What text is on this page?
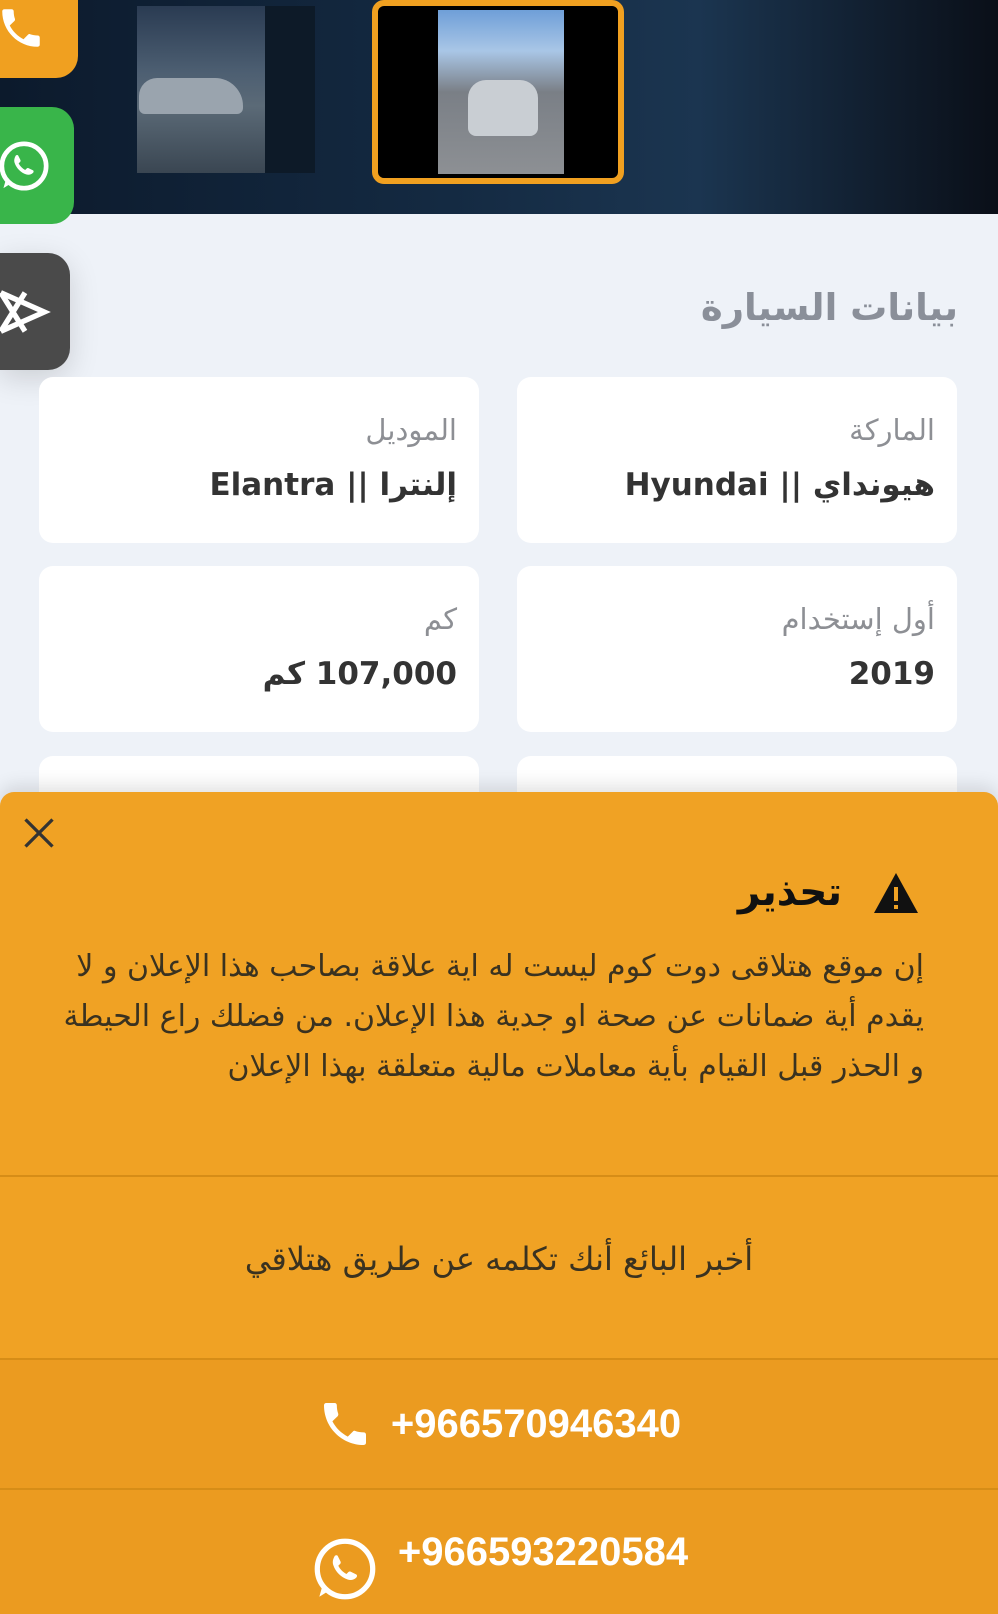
بيانات السيارة
الماركة
هيونداي || Hyundai
الموديل
إلنترا || Elantra
أول إستخدام
2019
كم
107,000 كم
تحذير
إن موقع هتلاقى دوت كوم ليست له اية علاقة بصاحب هذا الإعلان و لا يقدم أية ضمانات عن صحة او جدية هذا الإعلان. من فضلك راع الحيطة و الحذر قبل القيام بأية معاملات مالية متعلقة بهذا الإعلان
أخبر البائع أنك تكلمه عن طريق هتلاقي
+966570946340
+966593220584
